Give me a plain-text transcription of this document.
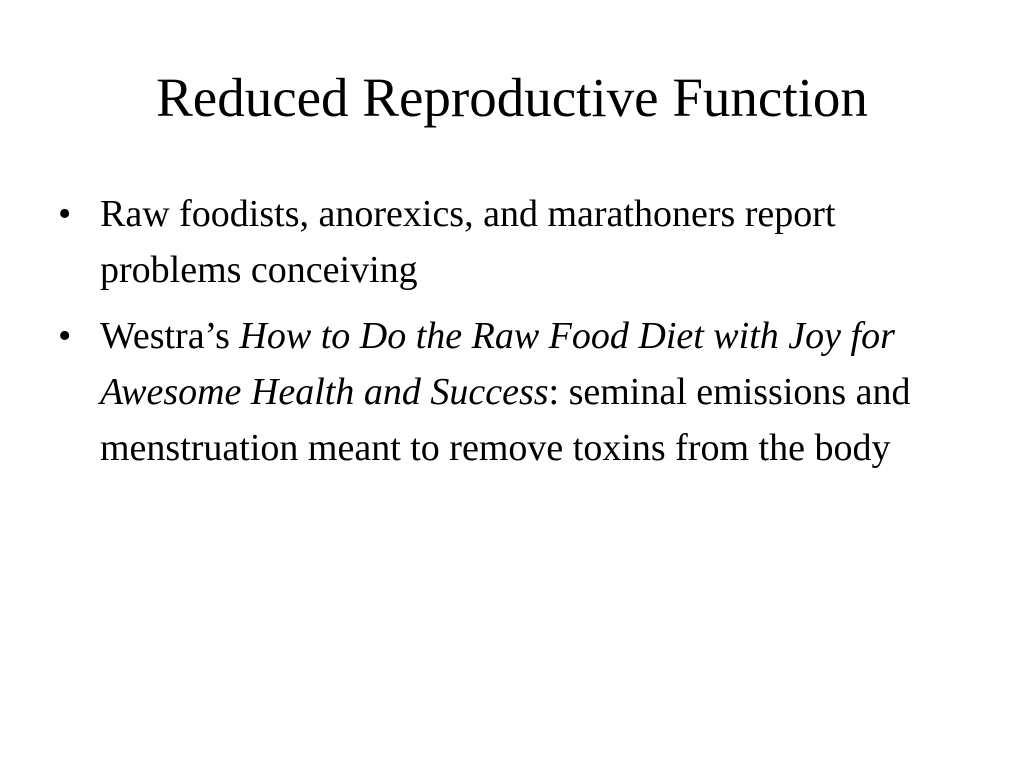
Reduced Reproductive Function
• Raw foodists, anorexics, and marathoners report problems conceiving
• Westra’s How to Do the Raw Food Diet with Joy for Awesome Health and Success: seminal emissions and menstruation meant to remove toxins from the body
